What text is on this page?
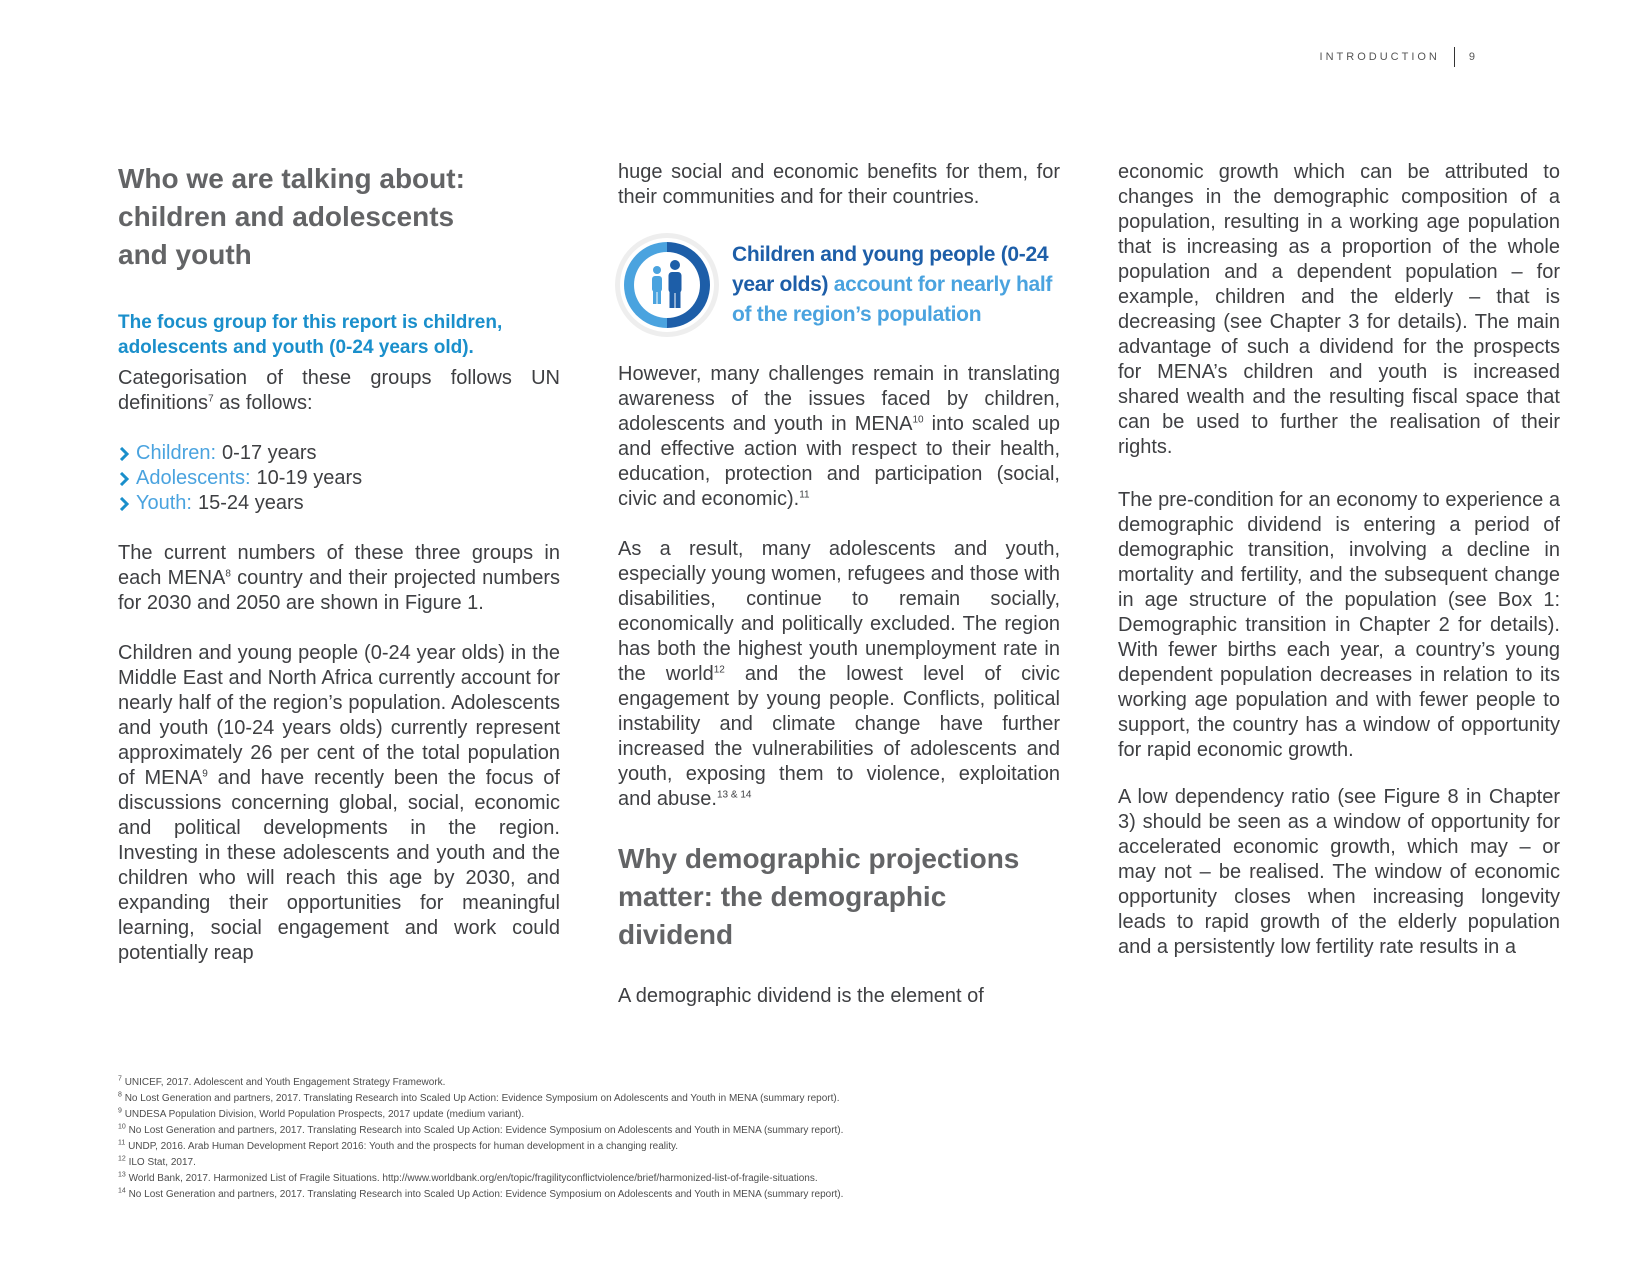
INTRODUCTION	9
Who we are talking about: children and adolescents and youth

The focus group for this report is children, adolescents and youth (0-24 years old).

Categorisation of these groups follows UN definitions$^7$ as follows:

Children: 0-17 years
Adolescents: 10-19 years
Youth: 15-24 years

The current numbers of these three groups in each MENA$^8$ country and their projected numbers for 2030 and 2050 are shown in Figure 1.

Children and young people (0-24 year olds) in the Middle East and North Africa currently account for nearly half of the region’s population. Adolescents and youth (10-24 years olds) currently represent approximately 26 per cent of the total population of MENA$^9$ and have recently been the focus of discussions concerning global, social, economic and political developments in the region. Investing in these adolescents and youth and the children who will reach this age by 2030, and expanding their opportunities for meaningful learning, social engagement and work could potentially reap

huge social and economic benefits for them, for their communities and for their countries.

Children and young people (0-24 year olds) account for nearly half of the region’s population

However, many challenges remain in translating awareness of the issues faced by children, adolescents and youth in MENA$^{10}$ into scaled up and effective action with respect to their health, education, protection and participation (social, civic and economic).$^{11}$

As a result, many adolescents and youth, especially young women, refugees and those with disabilities, continue to remain socially, economically and politically excluded. The region has both the highest youth unemployment rate in the world$^{12}$ and the lowest level of civic engagement by young people. Conflicts, political instability and climate change have further increased the vulnerabilities of adolescents and youth, exposing them to violence, exploitation and abuse.$^{13 \& 14}$

Why demographic projections matter: the demographic dividend

A demographic dividend is the element of

economic growth which can be attributed to changes in the demographic composition of a population, resulting in a working age population that is increasing as a proportion of the whole population and a dependent population – for example, children and the elderly – that is decreasing (see Chapter 3 for details). The main advantage of such a dividend for the prospects for MENA’s children and youth is increased shared wealth and the resulting fiscal space that can be used to further the realisation of their rights.

The pre-condition for an economy to experience a demographic dividend is entering a period of demographic transition, involving a decline in mortality and fertility, and the subsequent change in age structure of the population (see Box 1: Demographic transition in Chapter 2 for details). With fewer births each year, a country’s young dependent population decreases in relation to its working age population and with fewer people to support, the country has a window of opportunity for rapid economic growth.

A low dependency ratio (see Figure 8 in Chapter 3) should be seen as a window of opportunity for accelerated economic growth, which may – or may not – be realised. The window of economic opportunity closes when increasing longevity leads to rapid growth of the elderly population and a persistently low fertility rate results in a

$^7$ UNICEF, 2017. Adolescent and Youth Engagement Strategy Framework.
$^8$ No Lost Generation and partners, 2017. Translating Research into Scaled Up Action: Evidence Symposium on Adolescents and Youth in MENA (summary report).
$^9$ UNDESA Population Division, World Population Prospects, 2017 update (medium variant).
$^{10}$ No Lost Generation and partners, 2017. Translating Research into Scaled Up Action: Evidence Symposium on Adolescents and Youth in MENA (summary report).
$^{11}$ UNDP, 2016. Arab Human Development Report 2016: Youth and the prospects for human development in a changing reality.
$^{12}$ ILO Stat, 2017.
$^{13}$ World Bank, 2017. Harmonized List of Fragile Situations. http://www.worldbank.org/en/topic/fragilityconflictviolence/brief/harmonized-list-of-fragile-situations.
$^{14}$ No Lost Generation and partners, 2017. Translating Research into Scaled Up Action: Evidence Symposium on Adolescents and Youth in MENA (summary report).
